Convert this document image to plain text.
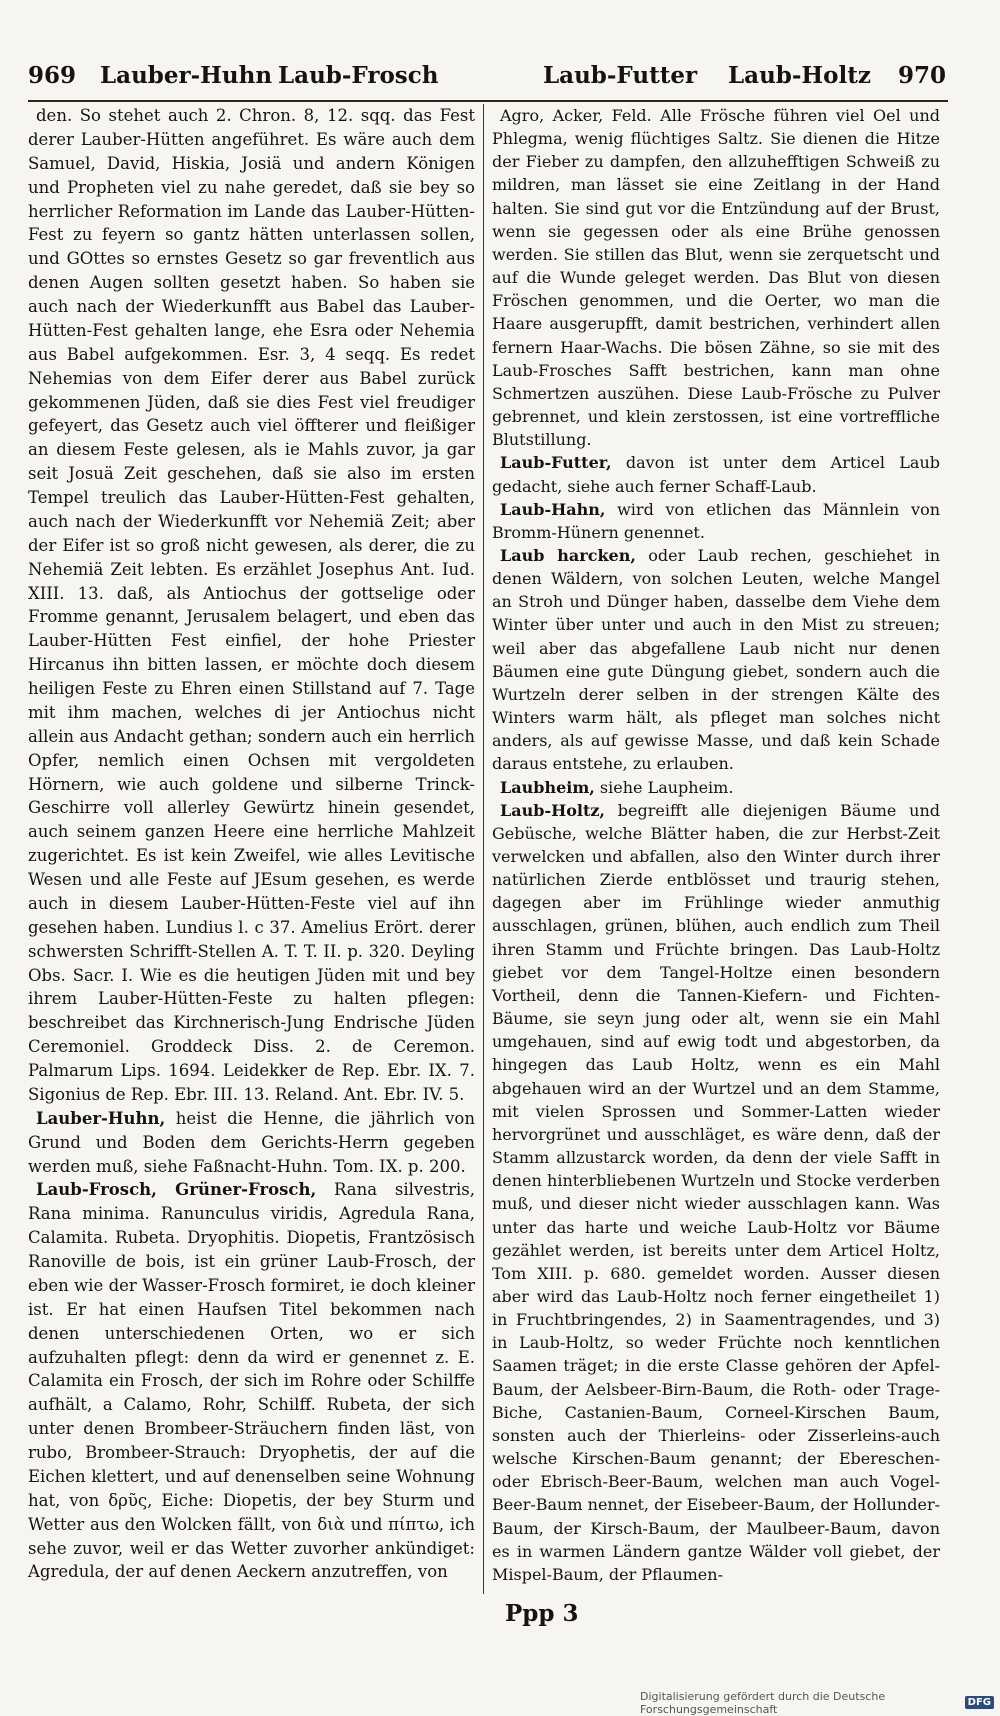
969 Lauber-Huhn Laub-Frosch	Laub-Futter Laub-Holtz 970

den. So stehet auch 2. Chron. 8, 12. sqq. das Fest derer Lauber-Hütten angeführet. Es wäre auch dem Samuel, David, Hiskia, Josiä und andern Königen und Propheten viel zu nahe geredet, daß sie bey so herrlicher Reformation im Lande das Lauber-Hütten-Fest zu feyern so gantz hätten unterlassen sollen, und GOttes so ernstes Gesetz so gar freventlich aus denen Augen sollten gesetzt haben. So haben sie auch nach der Wiederkunfft aus Babel das Lauber-Hütten-Fest gehalten lange, ehe Esra oder Nehemia aus Babel aufgekommen. Esr. 3, 4 seqq. Es redet Nehemias von dem Eifer derer aus Babel zurück gekommenen Jüden, daß sie dies Fest viel freudiger gefeyert, das Gesetz auch viel öffterer und fleißiger an diesem Feste gelesen, als ie Mahls zuvor, ja gar seit Josuä Zeit geschehen, daß sie also im ersten Tempel treulich das Lauber-Hütten-Fest gehalten, auch nach der Wiederkunfft vor Nehemiä Zeit; aber der Eifer ist so groß nicht gewesen, als derer, die zu Nehemiä Zeit lebten. Es erzählet Josephus Ant. Iud. XIII. 13. daß, als Antiochus der gottselige oder Fromme genannt, Jerusalem belagert, und eben das Lauber-Hütten Fest einfiel, der hohe Priester Hircanus ihn bitten lassen, er möchte doch diesem heiligen Feste zu Ehren einen Stillstand auf 7. Tage mit ihm machen, welches di jer Antiochus nicht allein aus Andacht gethan; sondern auch ein herrlich Opfer, nemlich einen Ochsen mit vergoldeten Hörnern, wie auch goldene und silberne Trinck-Geschirre voll allerley Gewürtz hinein gesendet, auch seinem ganzen Heere eine herrliche Mahlzeit zugerichtet. Es ist kein Zweifel, wie alles Levitische Wesen und alle Feste auf JEsum gesehen, es werde auch in diesem Lauber-Hütten-Feste viel auf ihn gesehen haben. Lundius l. c 37. Amelius Erört. derer schwersten Schrifft-Stellen A. T. T. II. p. 320. Deyling Obs. Sacr. I. Wie es die heutigen Jüden mit und bey ihrem Lauber-Hütten-Feste zu halten pflegen: beschreibet das Kirchnerisch-Jung Endrische Jüden Ceremoniel. Groddeck Diss. 2. de Ceremon. Palmarum Lips. 1694. Leidekker de Rep. Ebr. IX. 7. Sigonius de Rep. Ebr. III. 13. Reland. Ant. Ebr. IV. 5.

Lauber-Huhn, heist die Henne, die jährlich von Grund und Boden dem Gerichts-Herrn gegeben werden muß, siehe Faßnacht-Huhn. Tom. IX. p. 200.

Laub-Frosch, Grüner-Frosch, Rana silvestris, Rana minima. Ranunculus viridis, Agredula Rana, Calamita. Rubeta. Dryophitis. Diopetis, Frantzösisch Ranoville de bois, ist ein grüner Laub-Frosch, der eben wie der Wasser-Frosch formiret, ie doch kleiner ist. Er hat einen Haufsen Titel bekommen nach denen unterschiedenen Orten, wo er sich aufzuhalten pflegt: denn da wird er genennet z. E. Calamita ein Frosch, der sich im Rohre oder Schilffe aufhält, a Calamo, Rohr, Schilff. Rubeta, der sich unter denen Brombeer-Sträuchern finden läst, von rubo, Brombeer-Strauch: Dryophetis, der auf die Eichen klettert, und auf denenselben seine Wohnung hat, von δρῦς, Eiche: Diopetis, der bey Sturm und Wetter aus den Wolcken fällt, von διὰ und πίπτω, ich sehe zuvor, weil er das Wetter zuvorher ankündiget: Agredula, der auf denen Aeckern anzutreffen, von

Agro, Acker, Feld. Alle Frösche führen viel Oel und Phlegma, wenig flüchtiges Saltz. Sie dienen die Hitze der Fieber zu dampfen, den allzuhefftigen Schweiß zu mildren, man lässet sie eine Zeitlang in der Hand halten. Sie sind gut vor die Entzündung auf der Brust, wenn sie gegessen oder als eine Brühe genossen werden. Sie stillen das Blut, wenn sie zerquetscht und auf die Wunde geleget werden. Das Blut von diesen Fröschen genommen, und die Oerter, wo man die Haare ausgerupfft, damit bestrichen, verhindert allen fernern Haar-Wachs. Die bösen Zähne, so sie mit des Laub-Frosches Safft bestrichen, kann man ohne Schmertzen auszühen. Diese Laub-Frösche zu Pulver gebrennet, und klein zerstossen, ist eine vortreffliche Blutstillung.

Laub-Futter, davon ist unter dem Articel Laub gedacht, siehe auch ferner Schaff-Laub.

Laub-Hahn, wird von etlichen das Männlein von Bromm-Hünern genennet.

Laub harcken, oder Laub rechen, geschiehet in denen Wäldern, von solchen Leuten, welche Mangel an Stroh und Dünger haben, dasselbe dem Viehe dem Winter über unter und auch in den Mist zu streuen; weil aber das abgefallene Laub nicht nur denen Bäumen eine gute Düngung giebet, sondern auch die Wurtzeln derer selben in der strengen Kälte des Winters warm hält, als pfleget man solches nicht anders, als auf gewisse Masse, und daß kein Schade daraus entstehe, zu erlauben.

Laubheim, siehe Laupheim.

Laub-Holtz, begreifft alle diejenigen Bäume und Gebüsche, welche Blätter haben, die zur Herbst-Zeit verwelcken und abfallen, also den Winter durch ihrer natürlichen Zierde entblösset und traurig stehen, dagegen aber im Frühlinge wieder anmuthig ausschlagen, grünen, blühen, auch endlich zum Theil ihren Stamm und Früchte bringen. Das Laub-Holtz giebet vor dem Tangel-Holtze einen besondern Vortheil, denn die Tannen-Kiefern- und Fichten-Bäume, sie seyn jung oder alt, wenn sie ein Mahl umgehauen, sind auf ewig todt und abgestorben, da hingegen das Laub Holtz, wenn es ein Mahl abgehauen wird an der Wurtzel und an dem Stamme, mit vielen Sprossen und Sommer-Latten wieder hervorgrünet und ausschläget, es wäre denn, daß der Stamm allzustarck worden, da denn der viele Safft in denen hinterbliebenen Wurtzeln und Stocke verderben muß, und dieser nicht wieder ausschlagen kann. Was unter das harte und weiche Laub-Holtz vor Bäume gezählet werden, ist bereits unter dem Articel Holtz, Tom XIII. p. 680. gemeldet worden. Ausser diesen aber wird das Laub-Holtz noch ferner eingetheilet 1) in Fruchtbringendes, 2) in Saamentragendes, und 3) in Laub-Holtz, so weder Früchte noch kenntlichen Saamen träget; in die erste Classe gehören der Apfel-Baum, der Aelsbeer-Birn-Baum, die Roth- oder Trage-Biche, Castanien-Baum, Corneel-Kirschen Baum, sonsten auch der Thierleins- oder Zisserleins-auch welsche Kirschen-Baum genannt; der Ebereschen- oder Ebrisch-Beer-Baum, welchen man auch Vogel-Beer-Baum nennet, der Eisebeer-Baum, der Hollunder-Baum, der Kirsch-Baum, der Maulbeer-Baum, davon es in warmen Ländern gantze Wälder voll giebet, der Mispel-Baum, der Pflaumen-

Ppp 3
Digitalisierung gefördert durch die Deutsche Forschungsgemeinschaft	DFG
